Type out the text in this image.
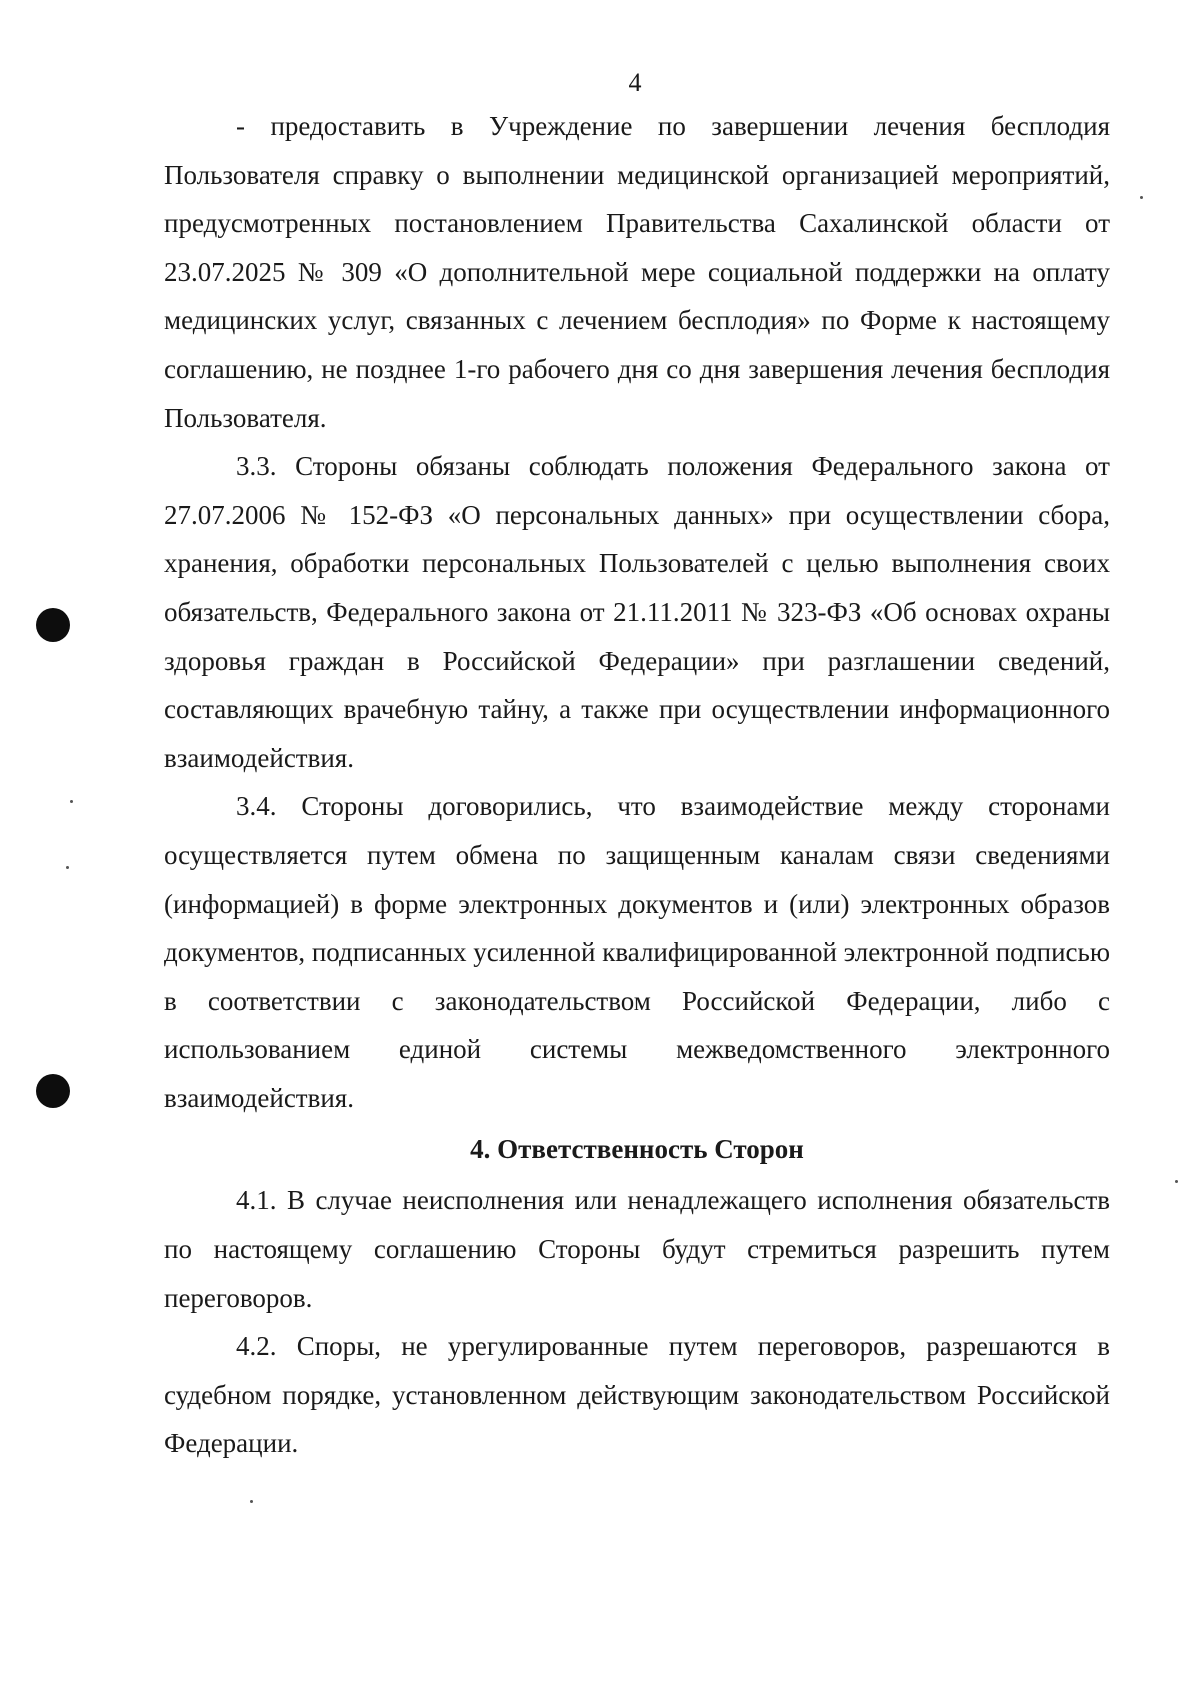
4

- предоставить в Учреждение по завершении лечения бесплодия Пользователя справку о выполнении медицинской организацией мероприятий, предусмотренных постановлением Правительства Сахалинской области от 23.07.2025 № 309 «О дополнительной мере социальной поддержки на оплату медицинских услуг, связанных с лечением бесплодия» по Форме к настоящему соглашению, не позднее 1-го рабочего дня со дня завершения лечения бесплодия Пользователя.

3.3. Стороны обязаны соблюдать положения Федерального закона от 27.07.2006 № 152-ФЗ «О персональных данных» при осуществлении сбора, хранения, обработки персональных Пользователей с целью выполнения своих обязательств, Федерального закона от 21.11.2011 № 323-ФЗ «Об основах охраны здоровья граждан в Российской Федерации» при разглашении сведений, составляющих врачебную тайну, а также при осуществлении информационного взаимодействия.

3.4. Стороны договорились, что взаимодействие между сторонами осуществляется путем обмена по защищенным каналам связи сведениями (информацией) в форме электронных документов и (или) электронных образов документов, подписанных усиленной квалифицированной электронной подписью в соответствии с законодательством Российской Федерации, либо с использованием единой системы межведомственного электронного взаимодействия.

4. Ответственность Сторон

4.1. В случае неисполнения или ненадлежащего исполнения обязательств по настоящему соглашению Стороны будут стремиться разрешить путем переговоров.

4.2. Споры, не урегулированные путем переговоров, разрешаются в судебном порядке, установленном действующим законодательством Российской Федерации.
